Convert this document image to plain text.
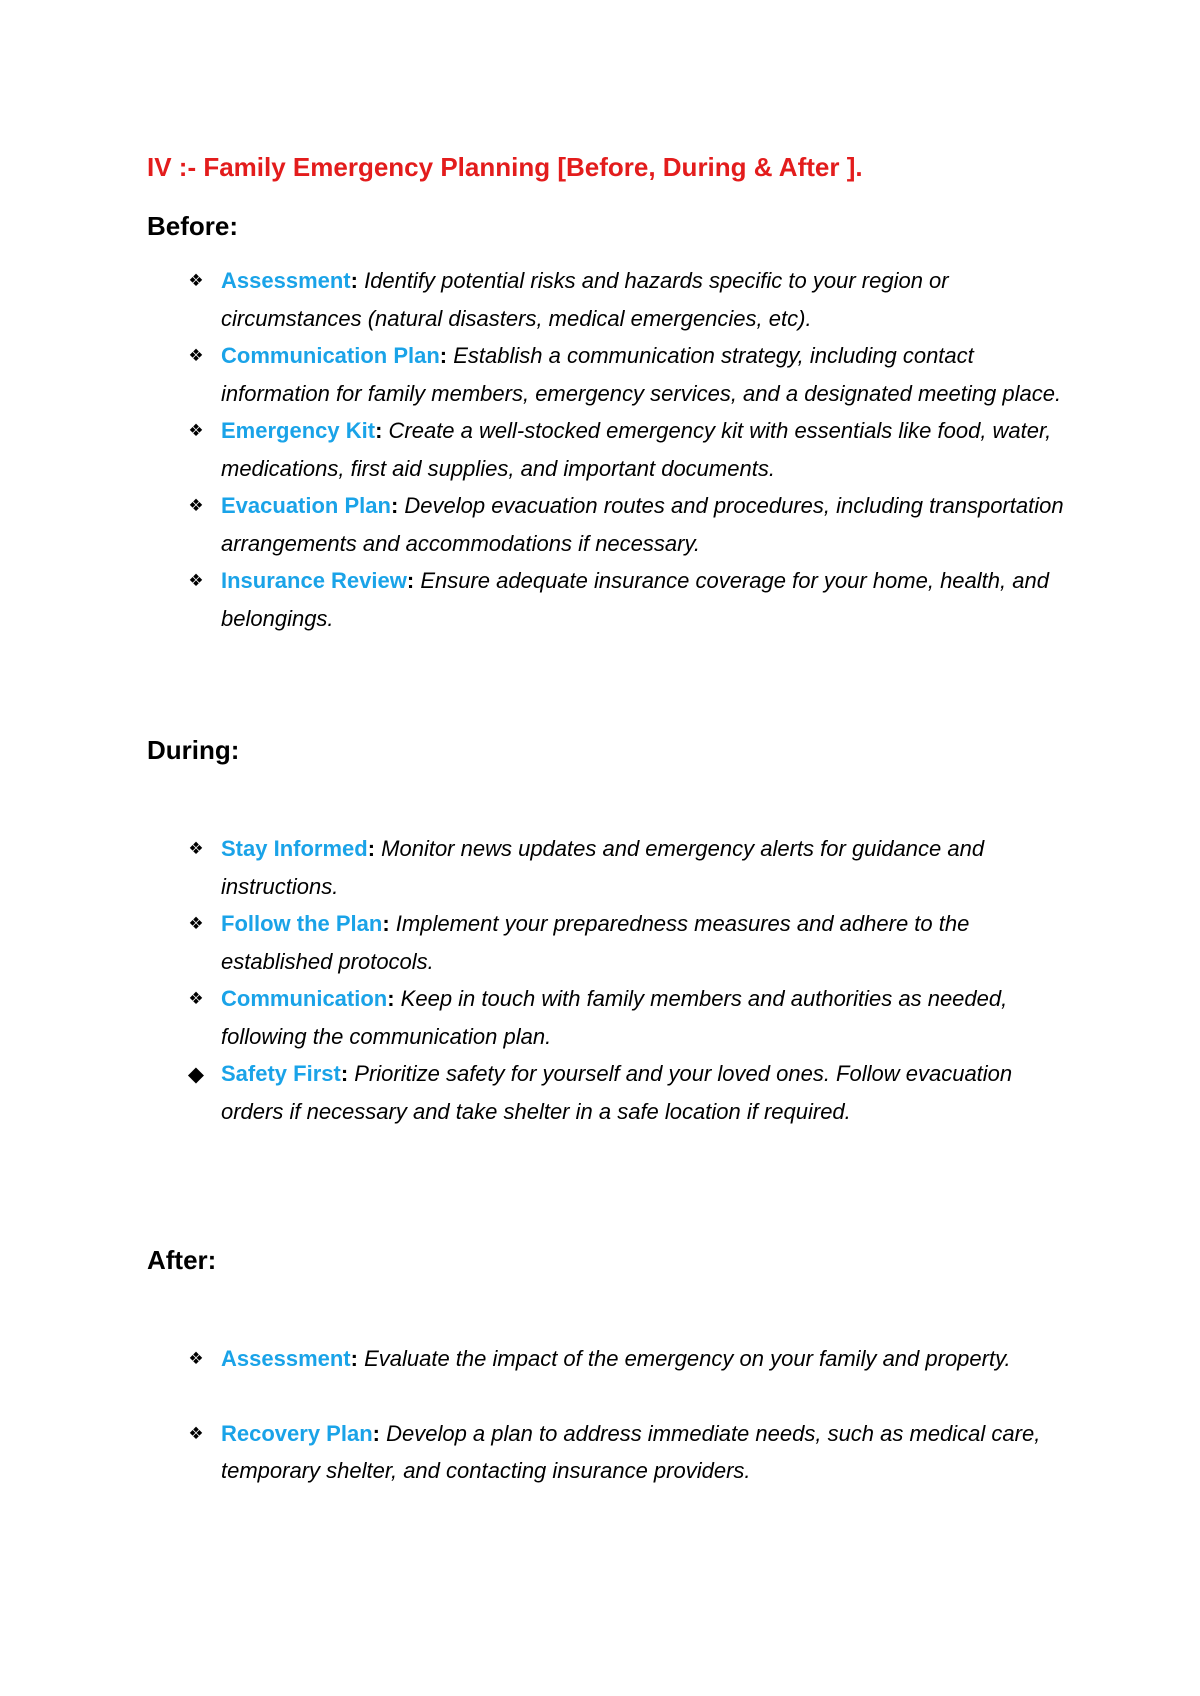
IV :- Family Emergency Planning [Before, During & After ].
Before:
❖ Assessment: Identify potential risks and hazards specific to your region or circumstances (natural disasters, medical emergencies, etc).
❖ Communication Plan: Establish a communication strategy, including contact information for family members, emergency services, and a designated meeting place.
❖ Emergency Kit: Create a well-stocked emergency kit with essentials like food, water, medications, first aid supplies, and important documents.
❖ Evacuation Plan: Develop evacuation routes and procedures, including transportation arrangements and accommodations if necessary.
❖ Insurance Review: Ensure adequate insurance coverage for your home, health, and belongings.
During:
❖ Stay Informed: Monitor news updates and emergency alerts for guidance and instructions.
❖ Follow the Plan: Implement your preparedness measures and adhere to the established protocols.
❖ Communication: Keep in touch with family members and authorities as needed, following the communication plan.
◆ Safety First: Prioritize safety for yourself and your loved ones. Follow evacuation orders if necessary and take shelter in a safe location if required.
After:
❖ Assessment: Evaluate the impact of the emergency on your family and property.
❖ Recovery Plan: Develop a plan to address immediate needs, such as medical care, temporary shelter, and contacting insurance providers.
